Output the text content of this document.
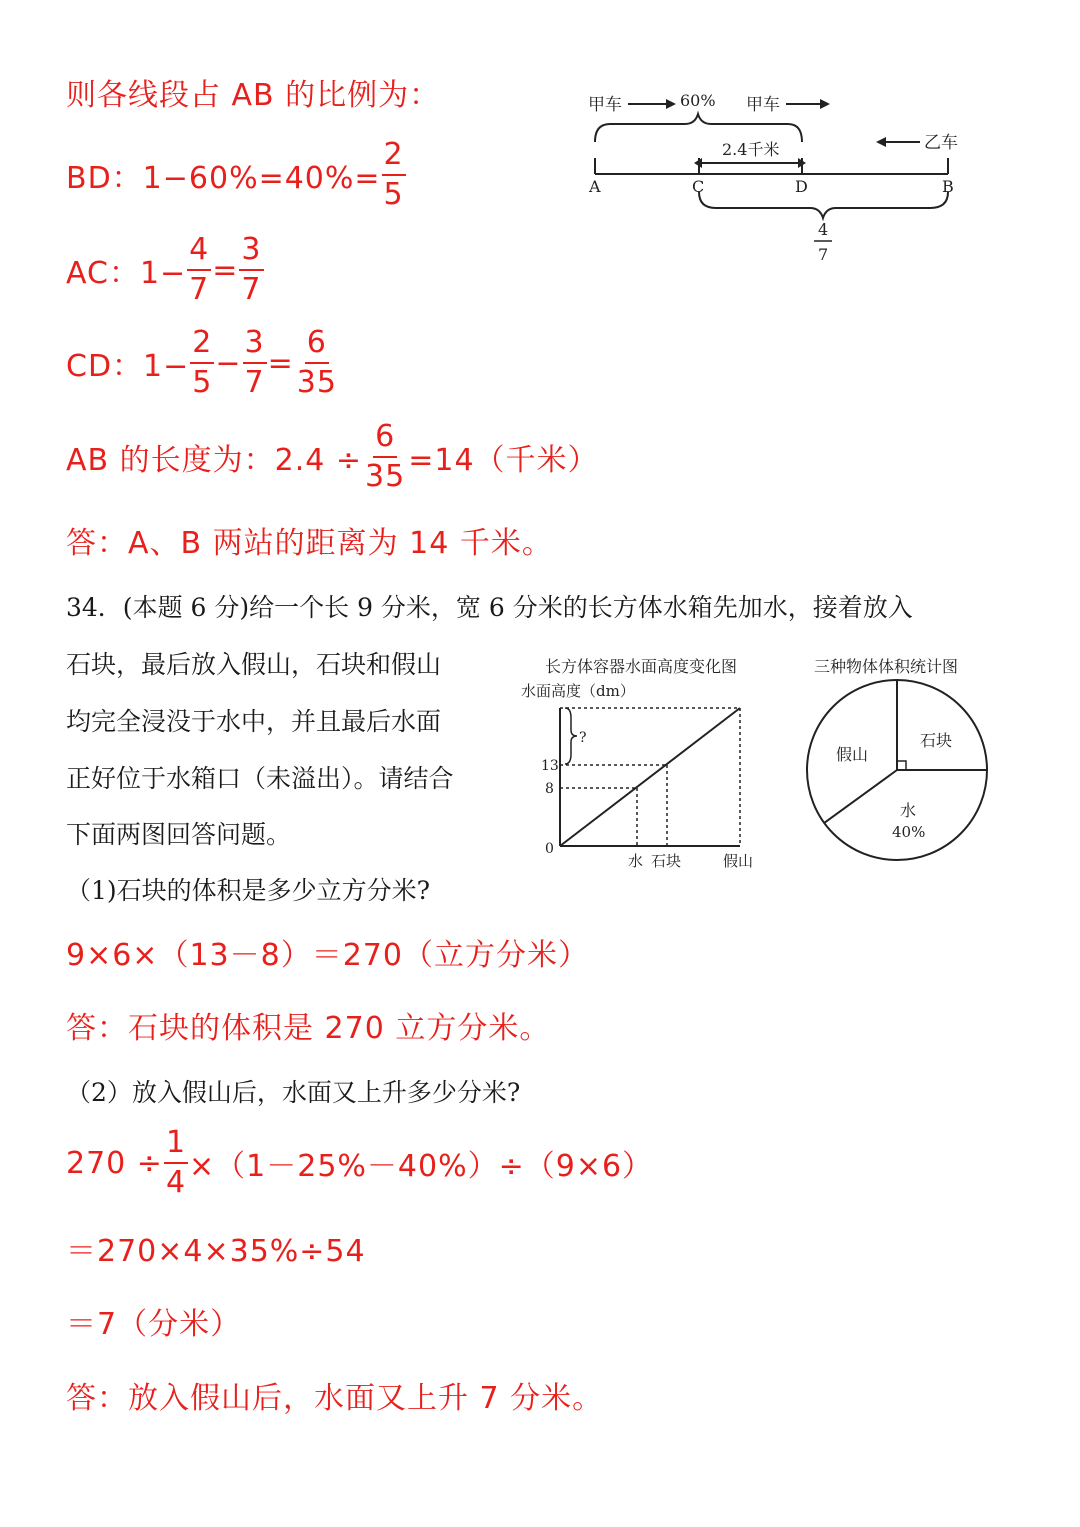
则各线段占 AB 的比例为：
BD：$1-60\%=40\%= \frac{2}{5}$
AC：$1- \frac{4}{7} = \frac{3}{7}$
CD：$1- \frac{2}{5} - \frac{3}{7} = \frac{6}{35}$
AB 的长度为：$2.4 \div \frac{6}{35} =14$（千米）
答：A、B 两站的距离为 14 千米。
甲车	60% 甲车
2.4千米	乙车
A	C	D	B
4
7
34．(本题 6 分)给一个长 9 分米，宽 6 分米的长方体水箱先加水，接着放入
石块，最后放入假山，石块和假山
均完全浸没于水中，并且最后水面
正好位于水箱口（未溢出）。请结合
下面两图回答问题。
长方体容器水面高度变化图
水面高度（dm）
?
13
8
0
水 石块	假山
三种物体体积统计图
石块
假山
水
40%
（1)石块的体积是多少立方分米?
9×6×（13－8）＝270（立方分米）
答：石块的体积是 270 立方分米。
（2）放入假山后，水面又上升多少分米?
$270 \div \frac{1}{4} \times(1-25\%-40\%)\div(9\times 6)$
＝270×4×35%÷54
＝7（分米）
答：放入假山后，水面又上升 7 分米。
